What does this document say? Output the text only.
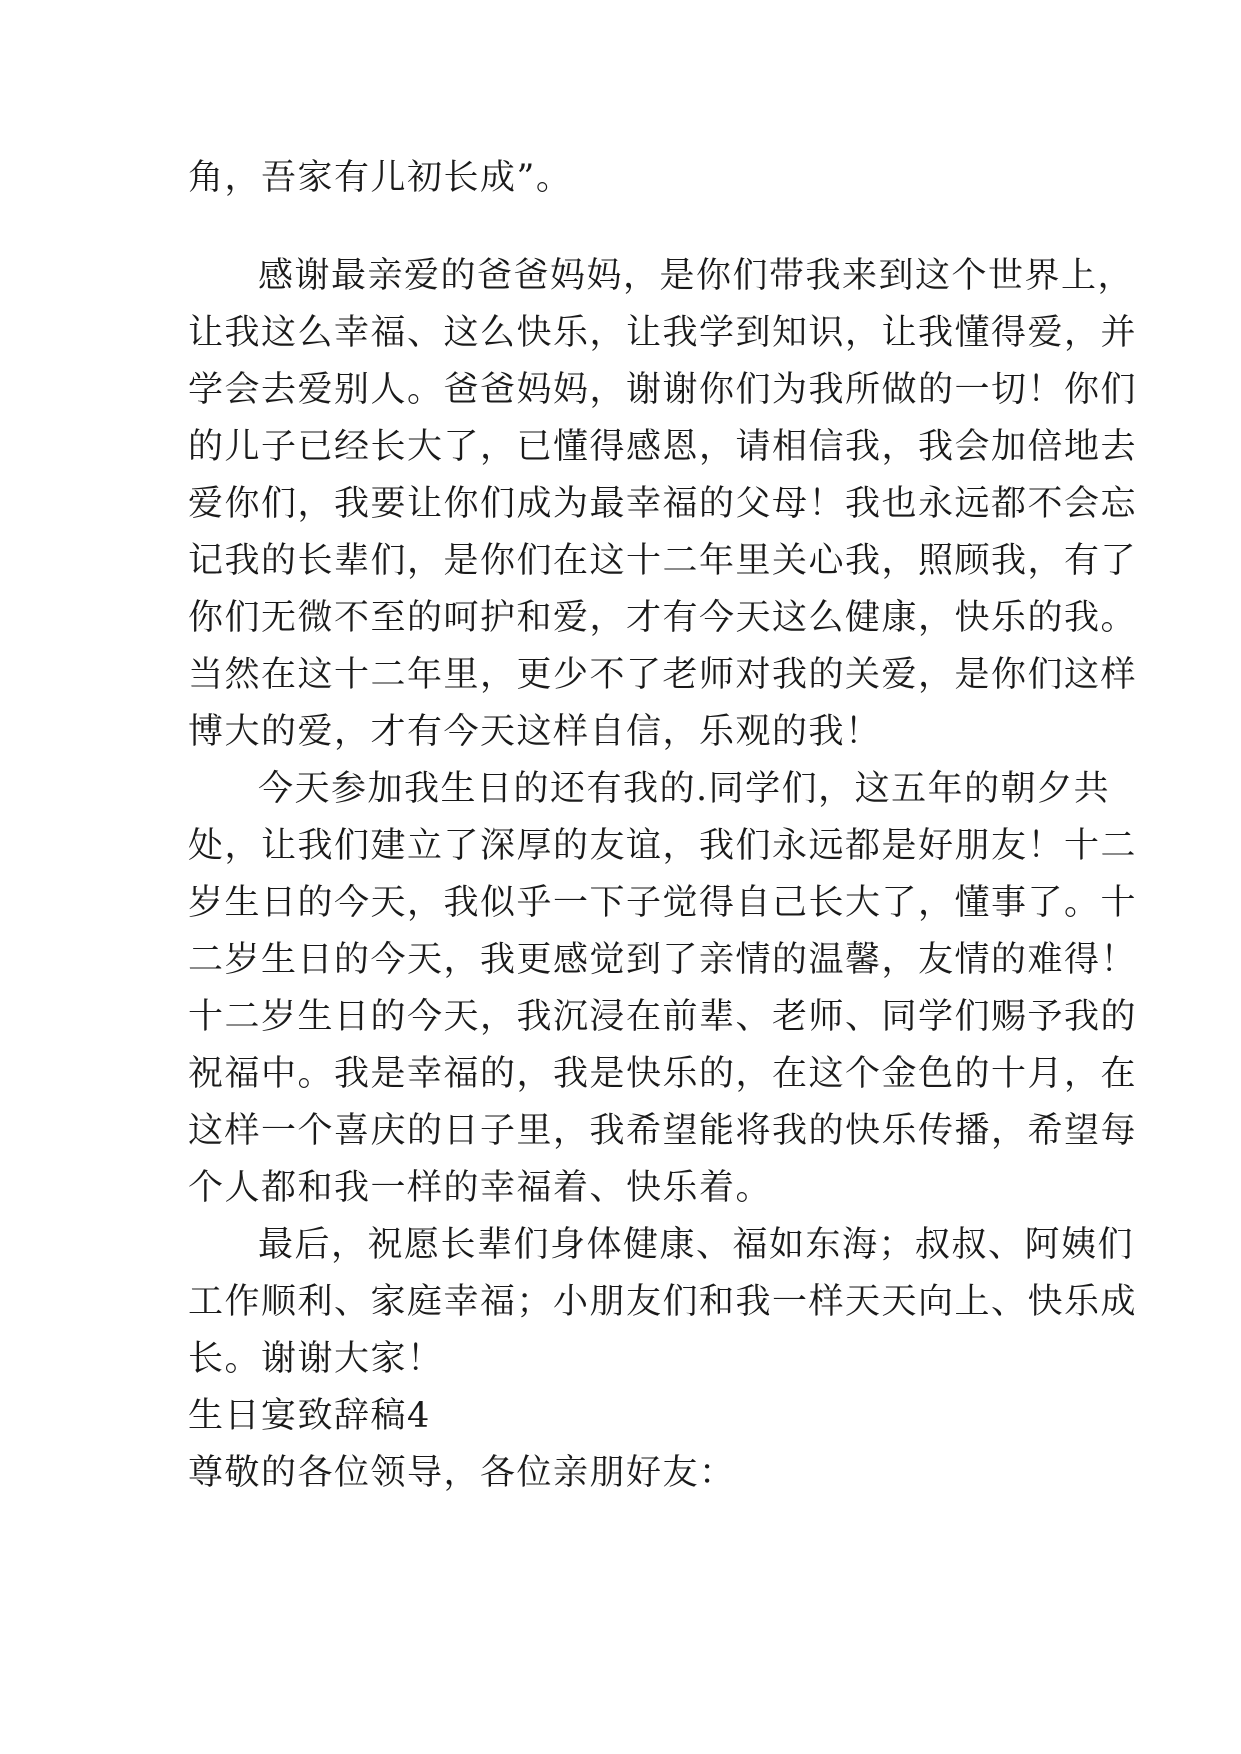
角，吾家有儿初长成”。
感谢最亲爱的爸爸妈妈，是你们带我来到这个世界上，
让我这么幸福、这么快乐，让我学到知识，让我懂得爱，并
学会去爱别人。爸爸妈妈，谢谢你们为我所做的一切！你们
的儿子已经长大了，已懂得感恩，请相信我，我会加倍地去
爱你们，我要让你们成为最幸福的父母！我也永远都不会忘
记我的长辈们，是你们在这十二年里关心我，照顾我，有了
你们无微不至的呵护和爱，才有今天这么健康，快乐的我。
当然在这十二年里，更少不了老师对我的关爱，是你们这样
博大的爱，才有今天这样自信，乐观的我！
今天参加我生日的还有我的.同学们，这五年的朝夕共
处，让我们建立了深厚的友谊，我们永远都是好朋友！十二
岁生日的今天，我似乎一下子觉得自己长大了，懂事了。十
二岁生日的今天，我更感觉到了亲情的温馨，友情的难得！
十二岁生日的今天，我沉浸在前辈、老师、同学们赐予我的
祝福中。我是幸福的，我是快乐的，在这个金色的十月，在
这样一个喜庆的日子里，我希望能将我的快乐传播，希望每
个人都和我一样的幸福着、快乐着。
最后，祝愿长辈们身体健康、福如东海；叔叔、阿姨们
工作顺利、家庭幸福；小朋友们和我一样天天向上、快乐成
长。谢谢大家！
生日宴致辞稿4
尊敬的各位领导，各位亲朋好友：
